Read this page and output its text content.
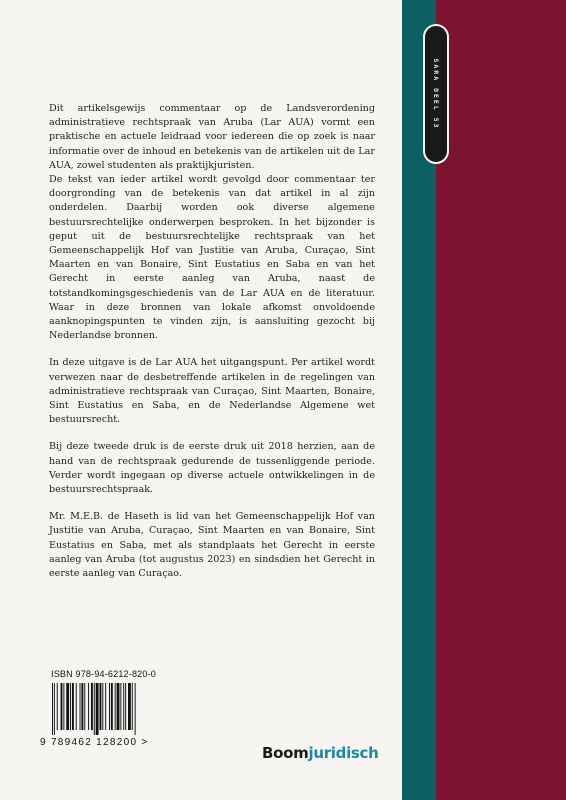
SARA DEEL 53

Dit artikelsgewijs commentaar op de Landsverordening administratieve rechtspraak van Aruba (Lar AUA) vormt een praktische en actuele leidraad voor iedereen die op zoek is naar informatie over de inhoud en betekenis van de artikelen uit de Lar AUA, zowel studenten als praktijkjuristen.

De tekst van ieder artikel wordt gevolgd door commentaar ter doorgronding van de betekenis van dat artikel in al zijn onderdelen. Daarbij worden ook diverse algemene bestuursrechtelijke onderwerpen besproken. In het bijzonder is geput uit de bestuursrechtelijke rechtspraak van het Gemeenschappelijk Hof van Justitie van Aruba, Curaçao, Sint Maarten en van Bonaire, Sint Eustatius en Saba en van het Gerecht in eerste aanleg van Aruba, naast de totstandkomingsgeschiedenis van de Lar AUA en de literatuur. Waar in deze bronnen van lokale afkomst onvoldoende aanknopingspunten te vinden zijn, is aansluiting gezocht bij Nederlandse bronnen.

In deze uitgave is de Lar AUA het uitgangspunt. Per artikel wordt verwezen naar de desbetreffende artikelen in de regelingen van administratieve rechtspraak van Curaçao, Sint Maarten, Bonaire, Sint Eustatius en Saba, en de Nederlandse Algemene wet bestuursrecht.

Bij deze tweede druk is de eerste druk uit 2018 herzien, aan de hand van de rechtspraak gedurende de tussenliggende periode. Verder wordt ingegaan op diverse actuele ontwikkelingen in de bestuursrechtspraak.

Mr. M.E.B. de Haseth is lid van het Gemeenschappelijk Hof van Justitie van Aruba, Curaçao, Sint Maarten en van Bonaire, Sint Eustatius en Saba, met als standplaats het Gerecht in eerste aanleg van Aruba (tot augustus 2023) en sindsdien het Gerecht in eerste aanleg van Curaçao.

ISBN 978-94-6212-820-0
9 789462 128200 >
Boomjuridisch
